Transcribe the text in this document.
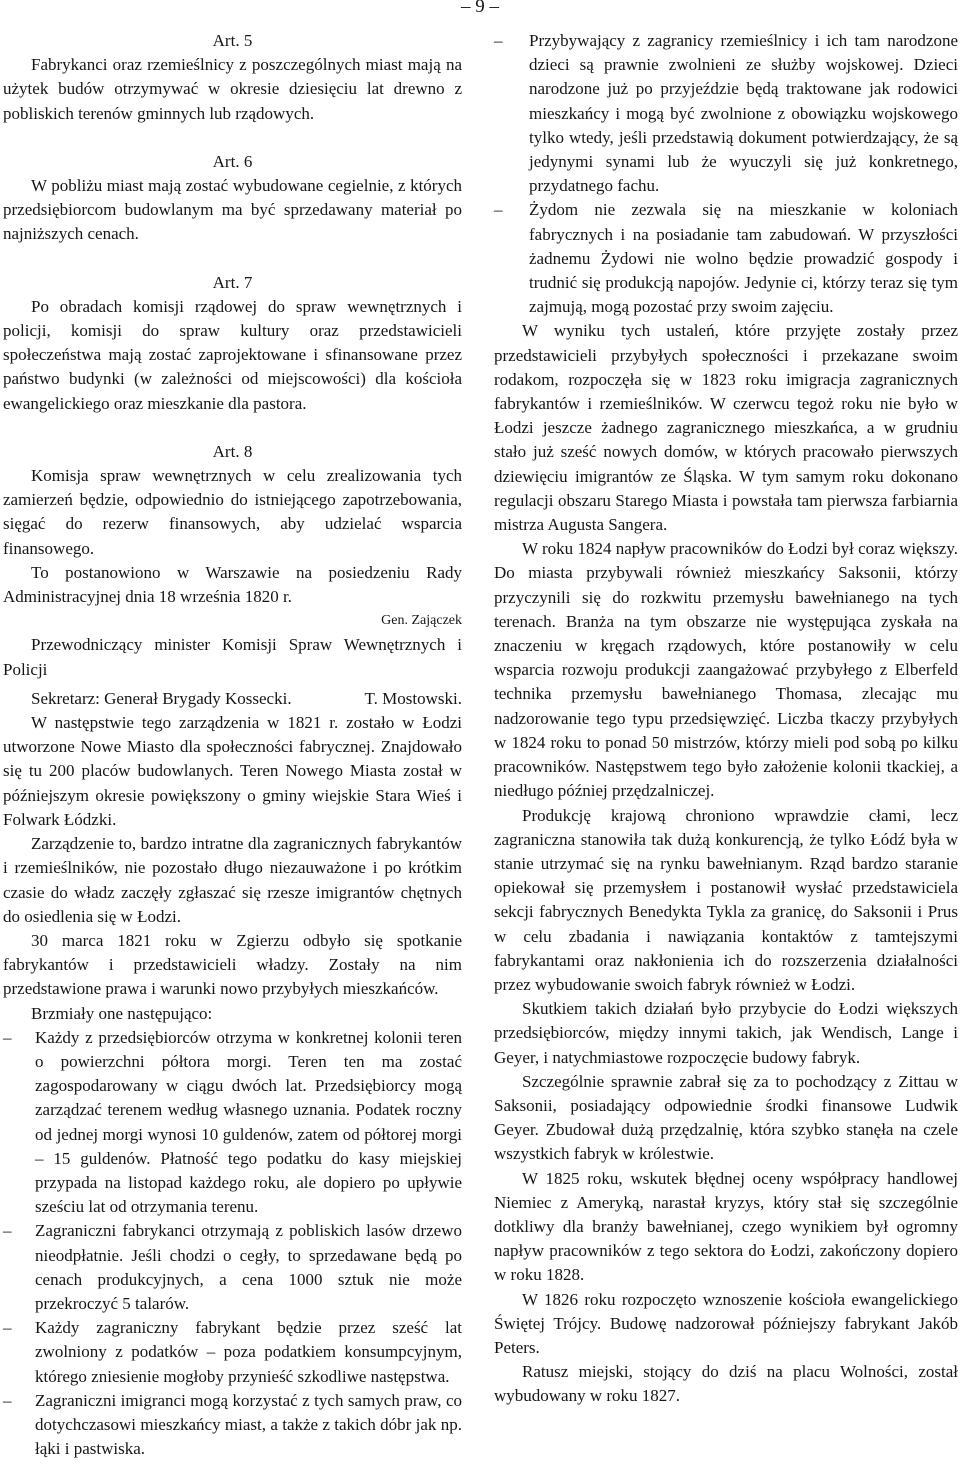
– 9 –

Art. 5

Fabrykanci oraz rzemieślnicy z poszczególnych miast mają na użytek budów otrzymywać w okresie dziesięciu lat drewno z pobliskich terenów gminnych lub rządowych.

Art. 6

W pobliżu miast mają zostać wybudowane cegielnie, z których przedsiębiorcom budowlanym ma być sprzedawany materiał po najniższych cenach.

Art. 7

Po obradach komisji rządowej do spraw wewnętrznych i policji, komisji do spraw kultury oraz przedstawicieli społeczeństwa mają zostać zaprojektowane i sfinansowane przez państwo budynki (w zależności od miejscowości) dla kościoła ewangelickiego oraz mieszkanie dla pastora.

Art. 8

Komisja spraw wewnętrznych w celu zrealizowania tych zamierzeń będzie, odpowiednio do istniejącego zapotrzebowania, sięgać do rezerw finansowych, aby udzielać wsparcia finansowego.

To postanowiono w Warszawie na posiedzeniu Rady Administracyjnej dnia 18 września 1820 r.

Gen. Zajączek

Przewodniczący minister Komisji Spraw Wewnętrznych i Policji

Sekretarz: Generał Brygady Kossecki.	T. Mostowski.

W następstwie tego zarządzenia w 1821 r. zostało w Łodzi utworzone Nowe Miasto dla społeczności fabrycznej. Znajdowało się tu 200 placów budowlanych. Teren Nowego Miasta został w późniejszym okresie powiększony o gminy wiejskie Stara Wieś i Folwark Łódzki.

Zarządzenie to, bardzo intratne dla zagranicznych fabrykantów i rzemieślników, nie pozostało długo niezauważone i po krótkim czasie do władz zaczęły zgłaszać się rzesze imigrantów chętnych do osiedlenia się w Łodzi.

30 marca 1821 roku w Zgierzu odbyło się spotkanie fabrykantów i przedstawicieli władzy. Zostały na nim przedstawione prawa i warunki nowo przybyłych mieszkańców.

Brzmiały one następująco:

– Każdy z przedsiębiorców otrzyma w konkretnej kolonii teren o powierzchni półtora morgi. Teren ten ma zostać zagospodarowany w ciągu dwóch lat. Przedsiębiorcy mogą zarządzać terenem według własnego uznania. Podatek roczny od jednej morgi wynosi 10 guldenów, zatem od półtorej morgi – 15 guldenów. Płatność tego podatku do kasy miejskiej przypada na listopad każdego roku, ale dopiero po upływie sześciu lat od otrzymania terenu.
– Zagraniczni fabrykanci otrzymają z pobliskich lasów drzewo nieodpłatnie. Jeśli chodzi o cegły, to sprzedawane będą po cenach produkcyjnych, a cena 1000 sztuk nie może przekroczyć 5 talarów.
– Każdy zagraniczny fabrykant będzie przez sześć lat zwolniony z podatków – poza podatkiem konsumpcyjnym, którego zniesienie mogłoby przynieść szkodliwe następstwa.
– Zagraniczni imigranci mogą korzystać z tych samych praw, co dotychczasowi mieszkańcy miast, a także z takich dóbr jak np. łąki i pastwiska.
– Przybywający z zagranicy rzemieślnicy i ich tam narodzone dzieci są prawnie zwolnieni ze służby wojskowej. Dzieci narodzone już po przyjeździe będą traktowane jak rodowici mieszkańcy i mogą być zwolnione z obowiązku wojskowego tylko wtedy, jeśli przedstawią dokument potwierdzający, że są jedynymi synami lub że wyuczyli się już konkretnego, przydatnego fachu.
– Żydom nie zezwala się na mieszkanie w koloniach fabrycznych i na posiadanie tam zabudowań. W przyszłości żadnemu Żydowi nie wolno będzie prowadzić gospody i trudnić się produkcją napojów. Jedynie ci, którzy teraz się tym zajmują, mogą pozostać przy swoim zajęciu.

W wyniku tych ustaleń, które przyjęte zostały przez przedstawicieli przybyłych społeczności i przekazane swoim rodakom, rozpoczęła się w 1823 roku imigracja zagranicznych fabrykantów i rzemieślników. W czerwcu tegoż roku nie było w Łodzi jeszcze żadnego zagranicznego mieszkańca, a w grudniu stało już sześć nowych domów, w których pracowało pierwszych dziewięciu imigrantów ze Śląska. W tym samym roku dokonano regulacji obszaru Starego Miasta i powstała tam pierwsza farbiarnia mistrza Augusta Sangera.

W roku 1824 napływ pracowników do Łodzi był coraz większy. Do miasta przybywali również mieszkańcy Saksonii, którzy przyczynili się do rozkwitu przemysłu bawełnianego na tych terenach. Branża na tym obszarze nie występująca zyskała na znaczeniu w kręgach rządowych, które postanowiły w celu wsparcia rozwoju produkcji zaangażować przybyłego z Elberfeld technika przemysłu bawełnianego Thomasa, zlecając mu nadzorowanie tego typu przedsięwzięć. Liczba tkaczy przybyłych w 1824 roku to ponad 50 mistrzów, którzy mieli pod sobą po kilku pracowników. Następstwem tego było założenie kolonii tkackiej, a niedługo później przędzalniczej.

Produkcję krajową chroniono wprawdzie cłami, lecz zagraniczna stanowiła tak dużą konkurencją, że tylko Łódź była w stanie utrzymać się na rynku bawełnianym. Rząd bardzo staranie opiekował się przemysłem i postanowił wysłać przedstawiciela sekcji fabrycznych Benedykta Tykla za granicę, do Saksonii i Prus w celu zbadania i nawiązania kontaktów z tamtejszymi fabrykantami oraz nakłonienia ich do rozszerzenia działalności przez wybudowanie swoich fabryk również w Łodzi.

Skutkiem takich działań było przybycie do Łodzi większych przedsiębiorców, między innymi takich, jak Wendisch, Lange i Geyer, i natychmiastowe rozpoczęcie budowy fabryk.

Szczególnie sprawnie zabrał się za to pochodzący z Zittau w Saksonii, posiadający odpowiednie środki finansowe Ludwik Geyer. Zbudował dużą przędzalnię, która szybko stanęła na czele wszystkich fabryk w królestwie.

W 1825 roku, wskutek błędnej oceny współpracy handlowej Niemiec z Ameryką, narastał kryzys, który stał się szczególnie dotkliwy dla branży bawełnianej, czego wynikiem był ogromny napływ pracowników z tego sektora do Łodzi, zakończony dopiero w roku 1828.

W 1826 roku rozpoczęto wznoszenie kościoła ewangelickiego Świętej Trójcy. Budowę nadzorował późniejszy fabrykant Jakób Peters.

Ratusz miejski, stojący do dziś na placu Wolności, został wybudowany w roku 1827.
